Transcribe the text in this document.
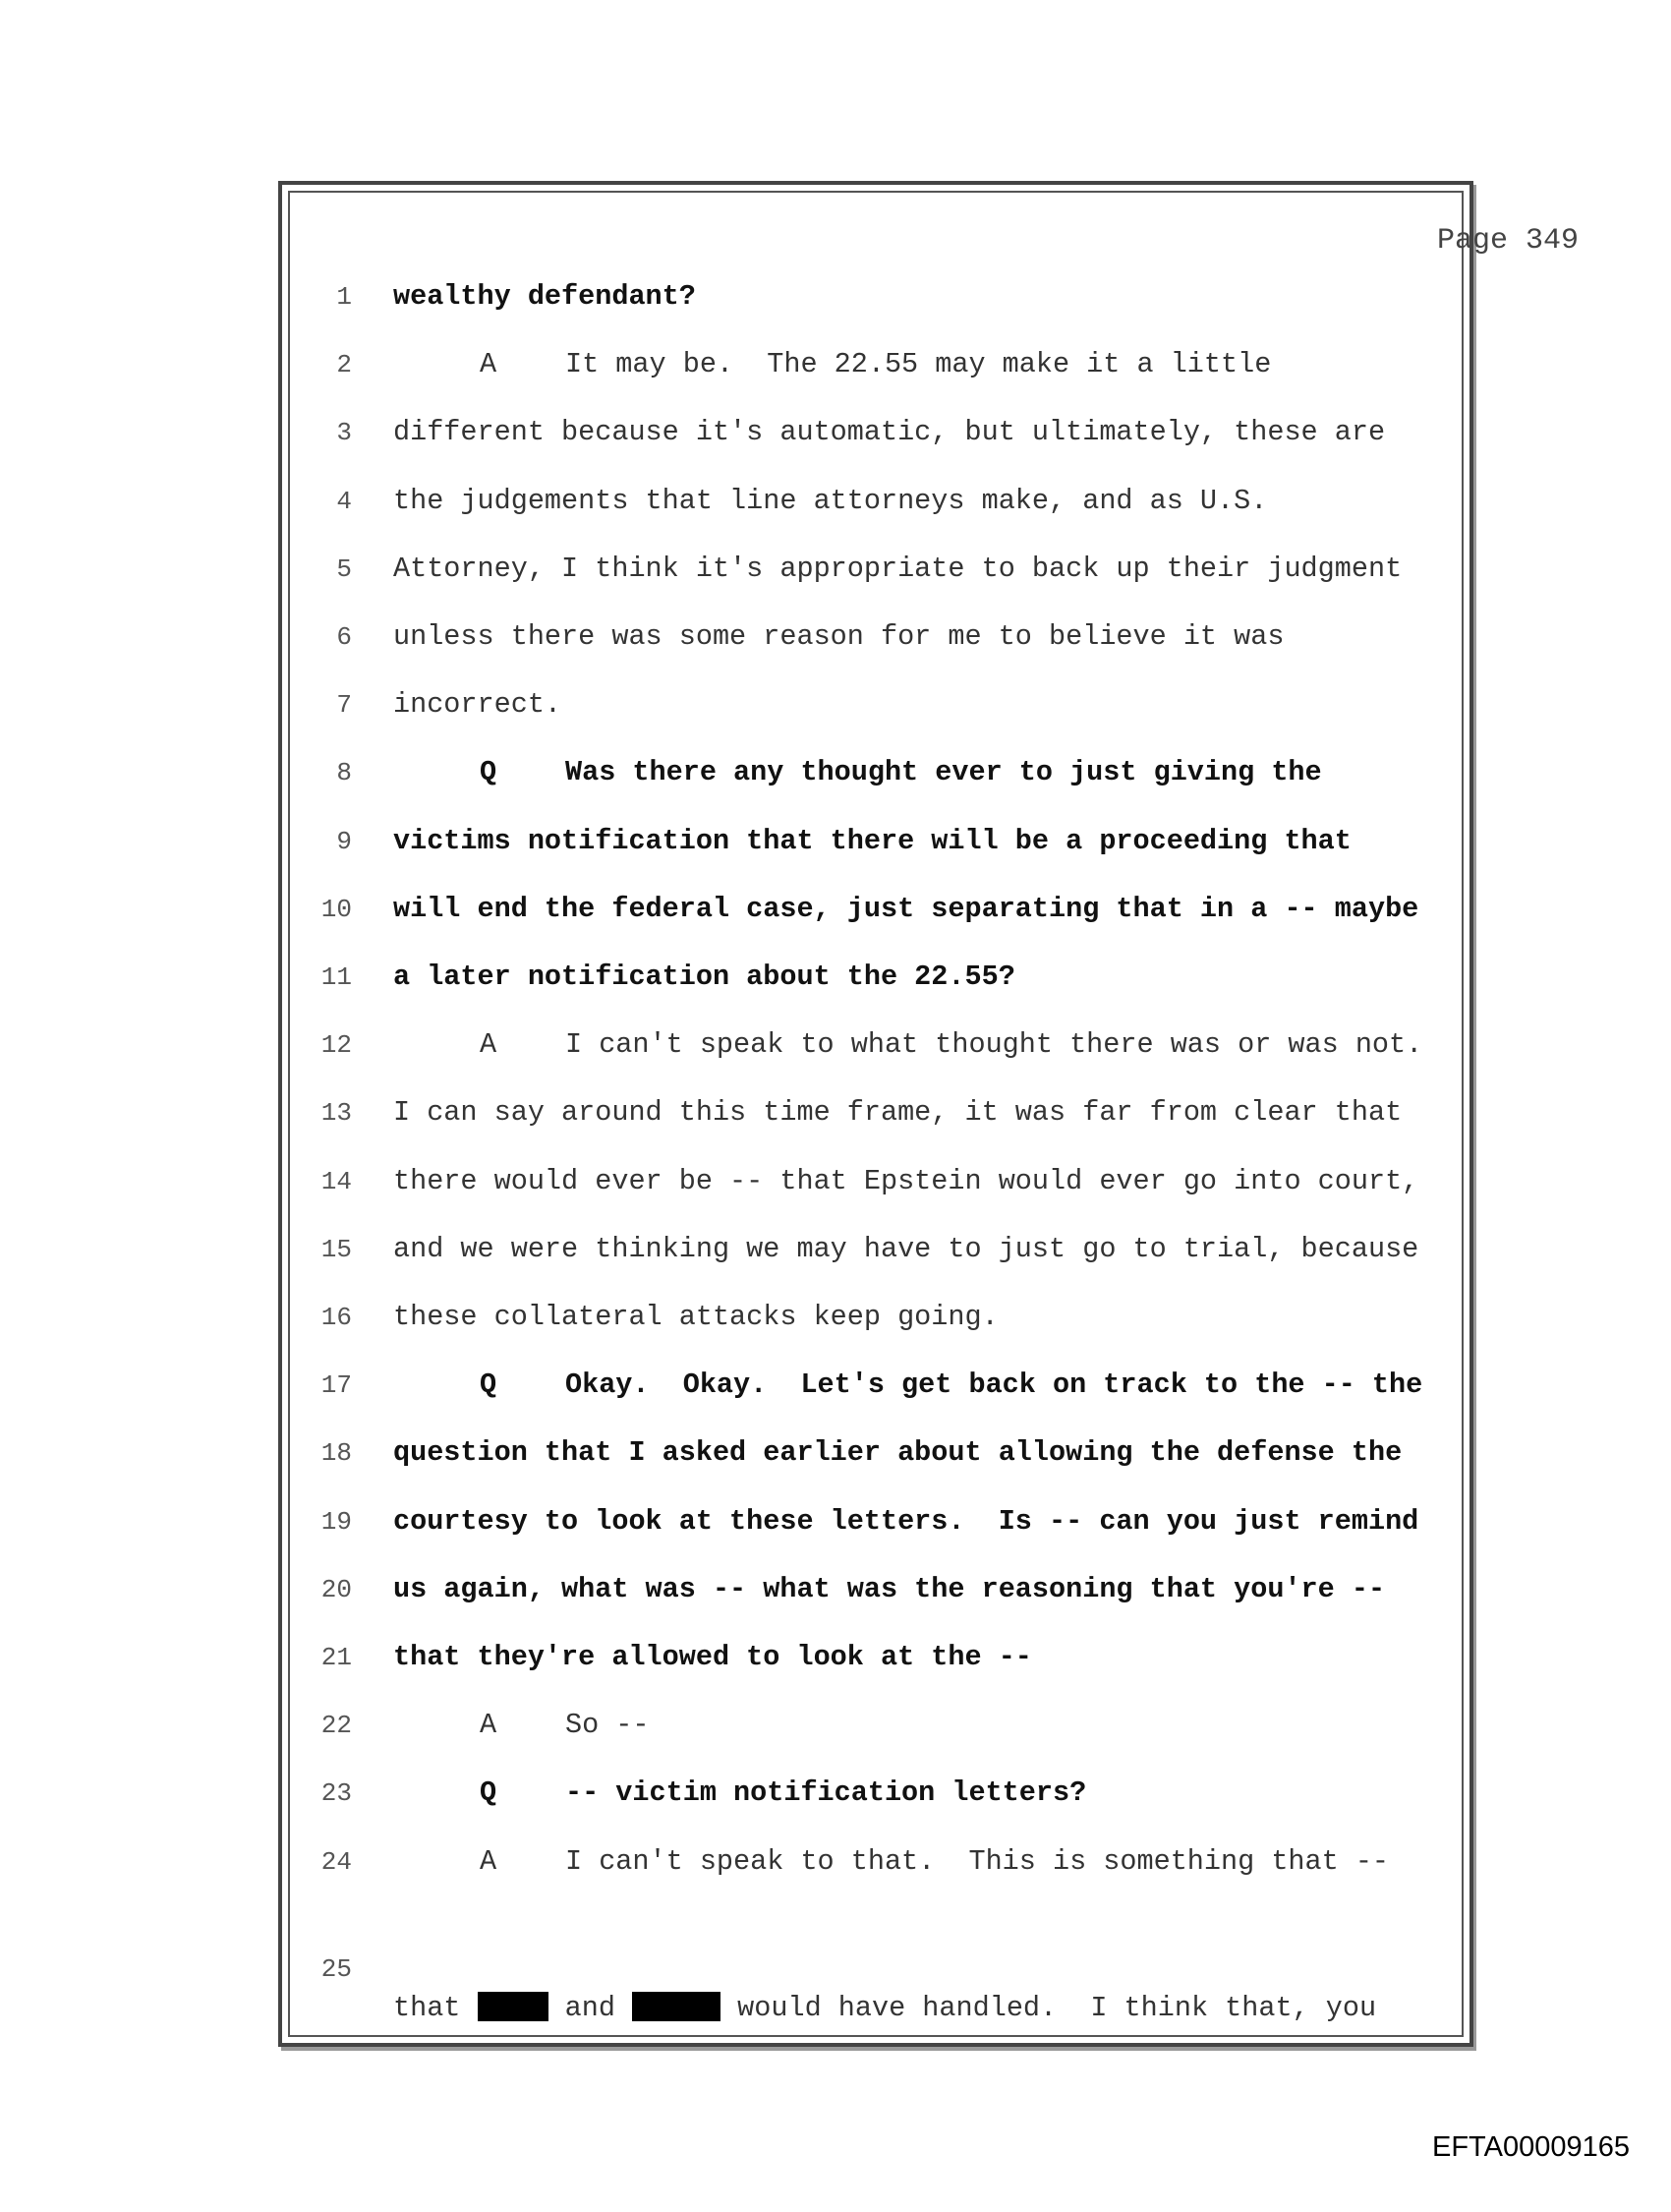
Page 349
1 wealthy defendant?
2	A It may be.  The 22.55 may make it a little
3 different because it's automatic, but ultimately, these are
4 the judgements that line attorneys make, and as U.S.
5 Attorney, I think it's appropriate to back up their judgment
6 unless there was some reason for me to believe it was
7 incorrect.
8	Q Was there any thought ever to just giving the
9 victims notification that there will be a proceeding that
10 will end the federal case, just separating that in a -- maybe
11 a later notification about the 22.55?
12	A I can't speak to what thought there was or was not.
13 I can say around this time frame, it was far from clear that
14 there would ever be -- that Epstein would ever go into court,
15 and we were thinking we may have to just go to trial, because
16 these collateral attacks keep going.
17	Q Okay.  Okay.  Let's get back on track to the -- the
18 question that I asked earlier about allowing the defense the
19 courtesy to look at these letters.  Is -- can you just remind
20 us again, what was -- what was the reasoning that you're --
21 that they're allowed to look at the --
22	A So --
23	Q -- victim notification letters?
24	A I can't speak to that.  This is something that --

25

that	and	would have handled.  I think that, you

EFTA00009165
